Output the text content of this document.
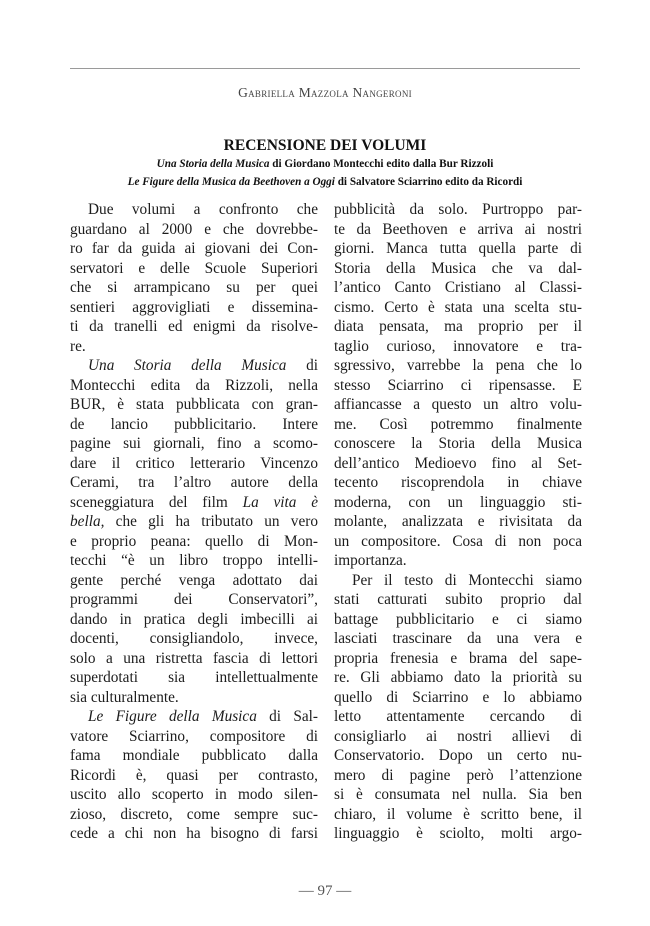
Gabriella Mazzola Nangeroni
RECENSIONE DEI VOLUMI
Una Storia della Musica di Giordano Montecchi edito dalla Bur Rizzoli
Le Figure della Musica da Beethoven a Oggi di Salvatore Sciarrino edito da Ricordi
Due volumi a confronto che
guardano al 2000 e che dovrebbe-
ro far da guida ai giovani dei Con-
servatori e delle Scuole Superiori
che si arrampicano su per quei
sentieri aggrovigliati e dissemina-
ti da tranelli ed enigmi da risolve-
re.
Una Storia della Musica di
Montecchi edita da Rizzoli, nella
BUR, è stata pubblicata con gran-
de lancio pubblicitario. Intere
pagine sui giornali, fino a scomo-
dare il critico letterario Vincenzo
Cerami, tra l’altro autore della
sceneggiatura del film La vita è
bella, che gli ha tributato un vero
e proprio peana: quello di Mon-
tecchi “è un libro troppo intelli-
gente perché venga adottato dai
programmi dei Conservatori”,
dando in pratica degli imbecilli ai
docenti, consigliandolo, invece,
solo a una ristretta fascia di lettori
superdotati sia intellettualmente
sia culturalmente.
Le Figure della Musica di Sal-
vatore Sciarrino, compositore di
fama mondiale pubblicato dalla
Ricordi è, quasi per contrasto,
uscito allo scoperto in modo silen-
zioso, discreto, come sempre suc-
cede a chi non ha bisogno di farsi
pubblicità da solo. Purtroppo par-
te da Beethoven e arriva ai nostri
giorni. Manca tutta quella parte di
Storia della Musica che va dal-
l’antico Canto Cristiano al Classi-
cismo. Certo è stata una scelta stu-
diata pensata, ma proprio per il
taglio curioso, innovatore e tra-
sgressivo, varrebbe la pena che lo
stesso Sciarrino ci ripensasse. E
affiancasse a questo un altro volu-
me. Così potremmo finalmente
conoscere la Storia della Musica
dell’antico Medioevo fino al Set-
tecento riscoprendola in chiave
moderna, con un linguaggio sti-
molante, analizzata e rivisitata da
un compositore. Cosa di non poca
importanza.
Per il testo di Montecchi siamo
stati catturati subito proprio dal
battage pubblicitario e ci siamo
lasciati trascinare da una vera e
propria frenesia e brama del sape-
re. Gli abbiamo dato la priorità su
quello di Sciarrino e lo abbiamo
letto attentamente cercando di
consigliarlo ai nostri allievi di
Conservatorio. Dopo un certo nu-
mero di pagine però l’attenzione
si è consumata nel nulla. Sia ben
chiaro, il volume è scritto bene, il
linguaggio è sciolto, molti argo-
— 97 —
